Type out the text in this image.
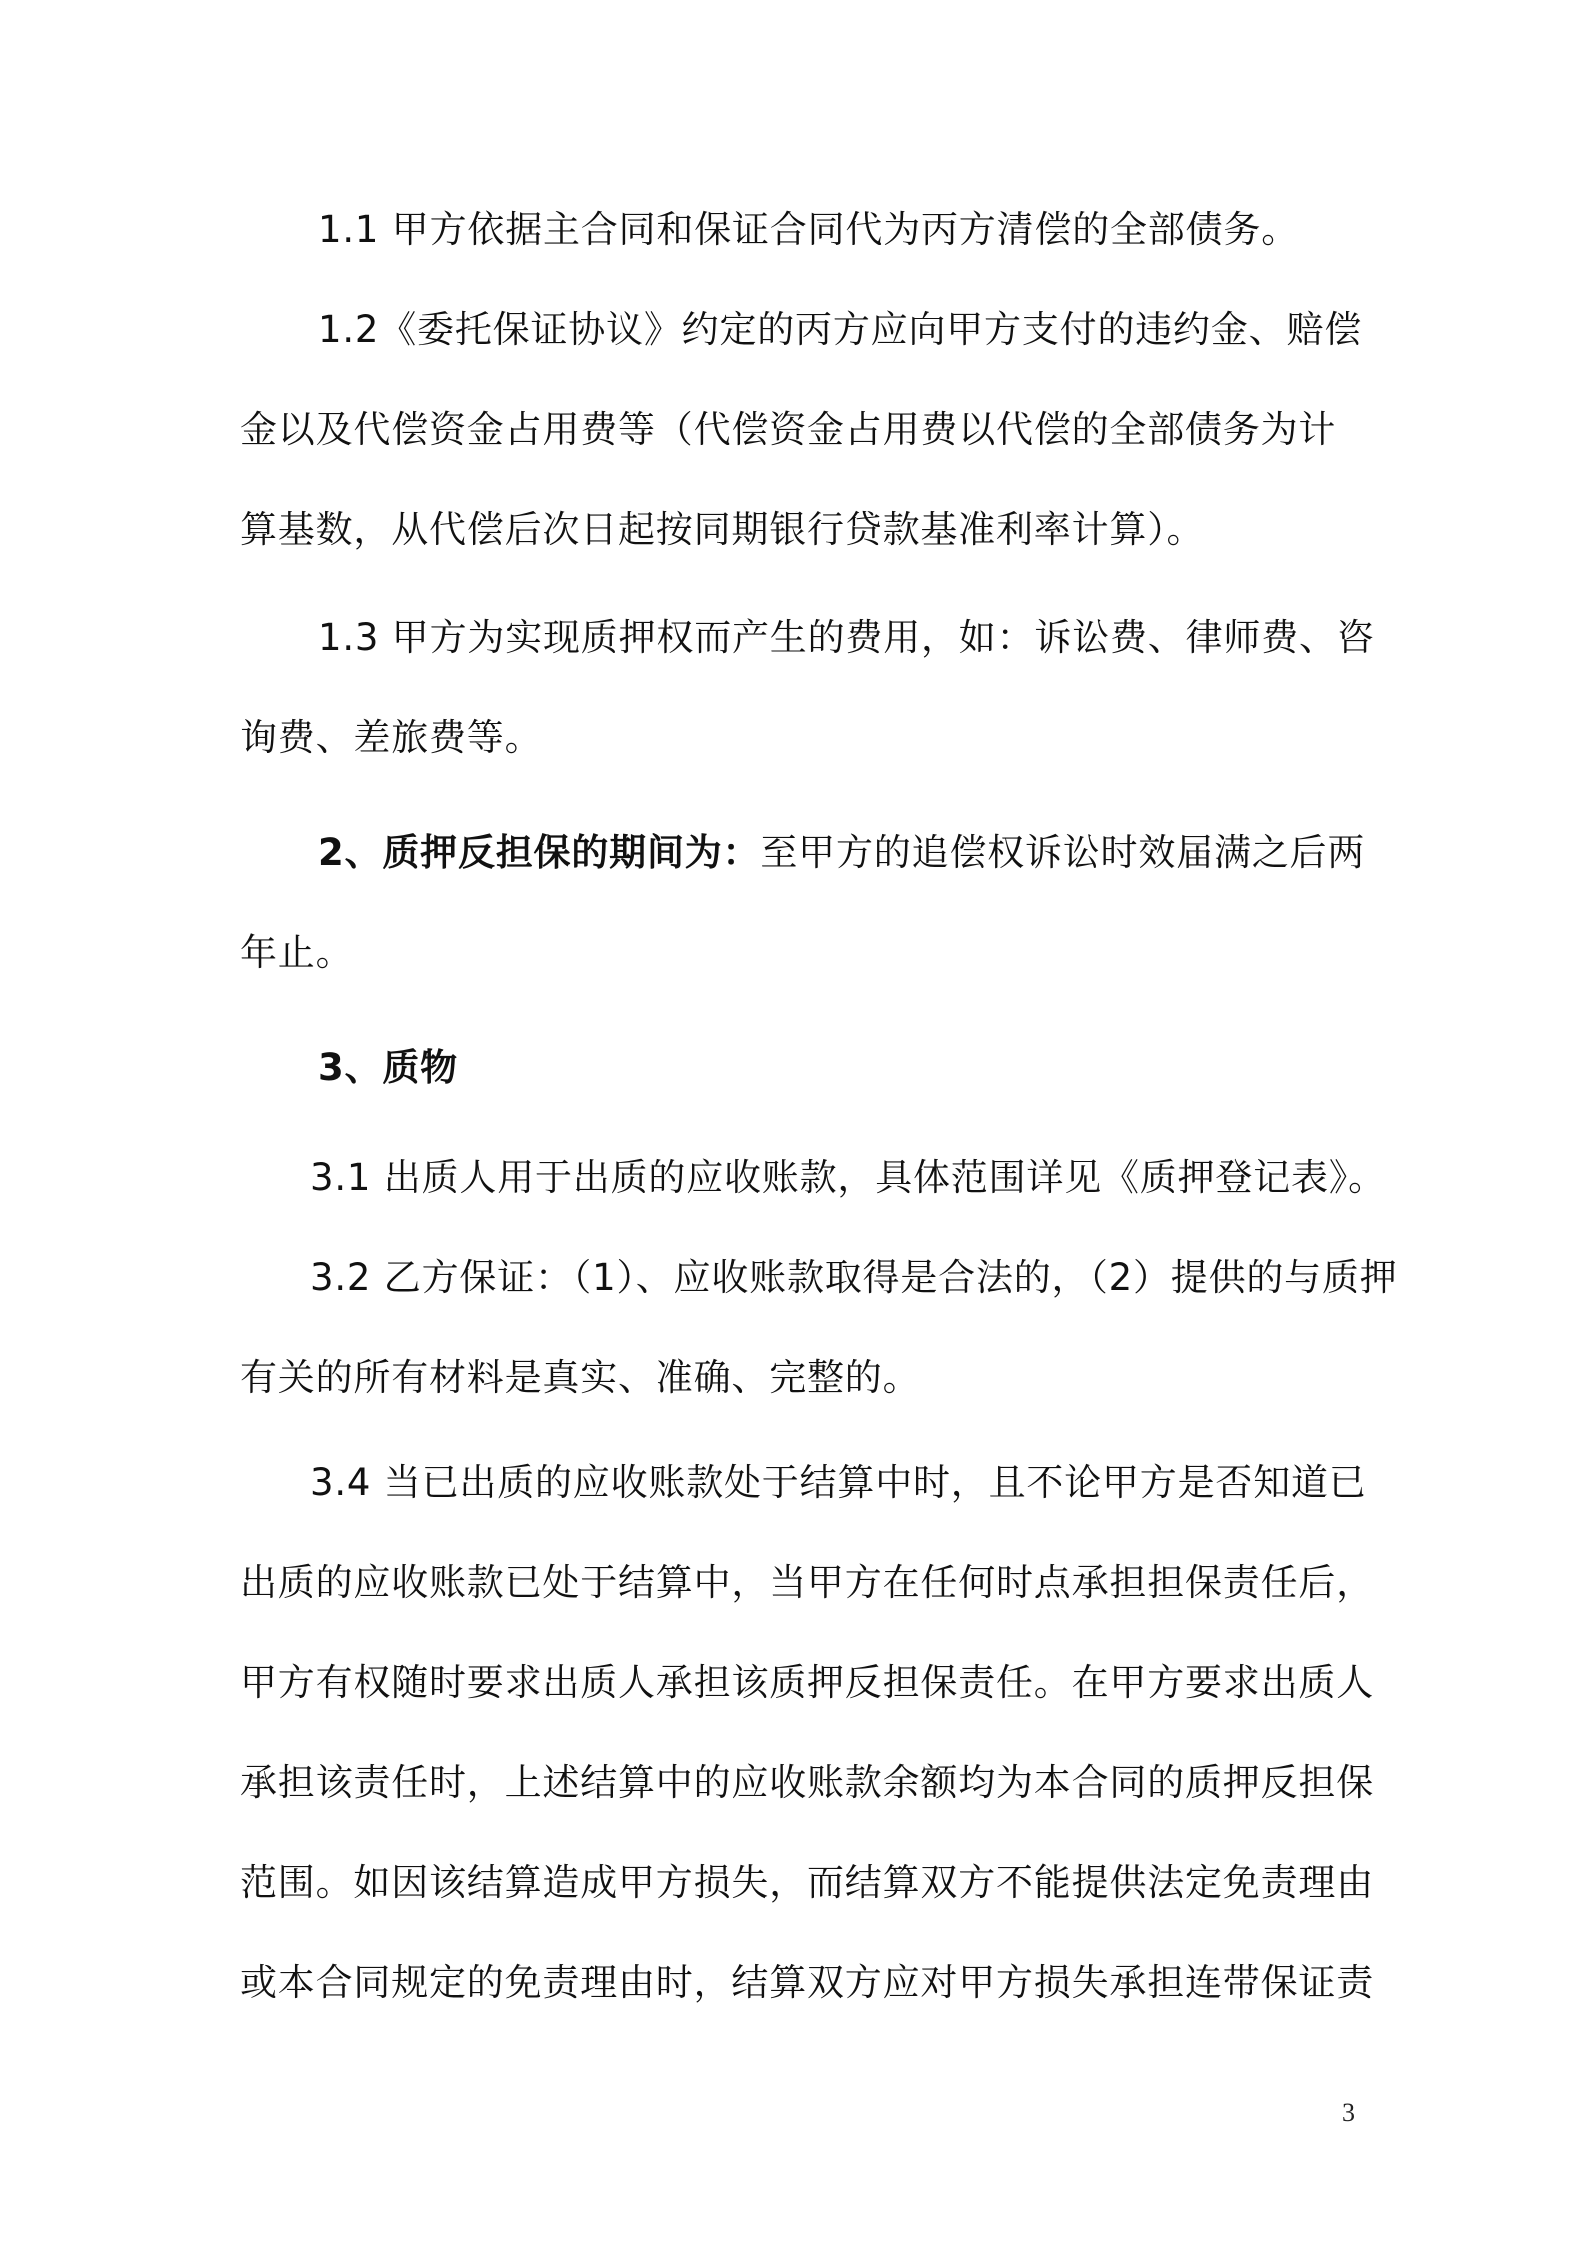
1.1 甲方依据主合同和保证合同代为丙方清偿的全部债务。
1.2《委托保证协议》约定的丙方应向甲方支付的违约金、赔偿
金以及代偿资金占用费等（代偿资金占用费以代偿的全部债务为计
算基数，从代偿后次日起按同期银行贷款基准利率计算）。
1.3 甲方为实现质押权而产生的费用，如：诉讼费、律师费、咨
询费、差旅费等。
2、质押反担保的期间为：至甲方的追偿权诉讼时效届满之后两
年止。
3、质物
3.1 出质人用于出质的应收账款，具体范围详见《质押登记表》。
3.2 乙方保证：（1）、应收账款取得是合法的，（2）提供的与质押
有关的所有材料是真实、准确、完整的。
3.4 当已出质的应收账款处于结算中时，且不论甲方是否知道已
出质的应收账款已处于结算中，当甲方在任何时点承担担保责任后，
甲方有权随时要求出质人承担该质押反担保责任。在甲方要求出质人
承担该责任时，上述结算中的应收账款余额均为本合同的质押反担保
范围。如因该结算造成甲方损失，而结算双方不能提供法定免责理由
或本合同规定的免责理由时，结算双方应对甲方损失承担连带保证责
3
